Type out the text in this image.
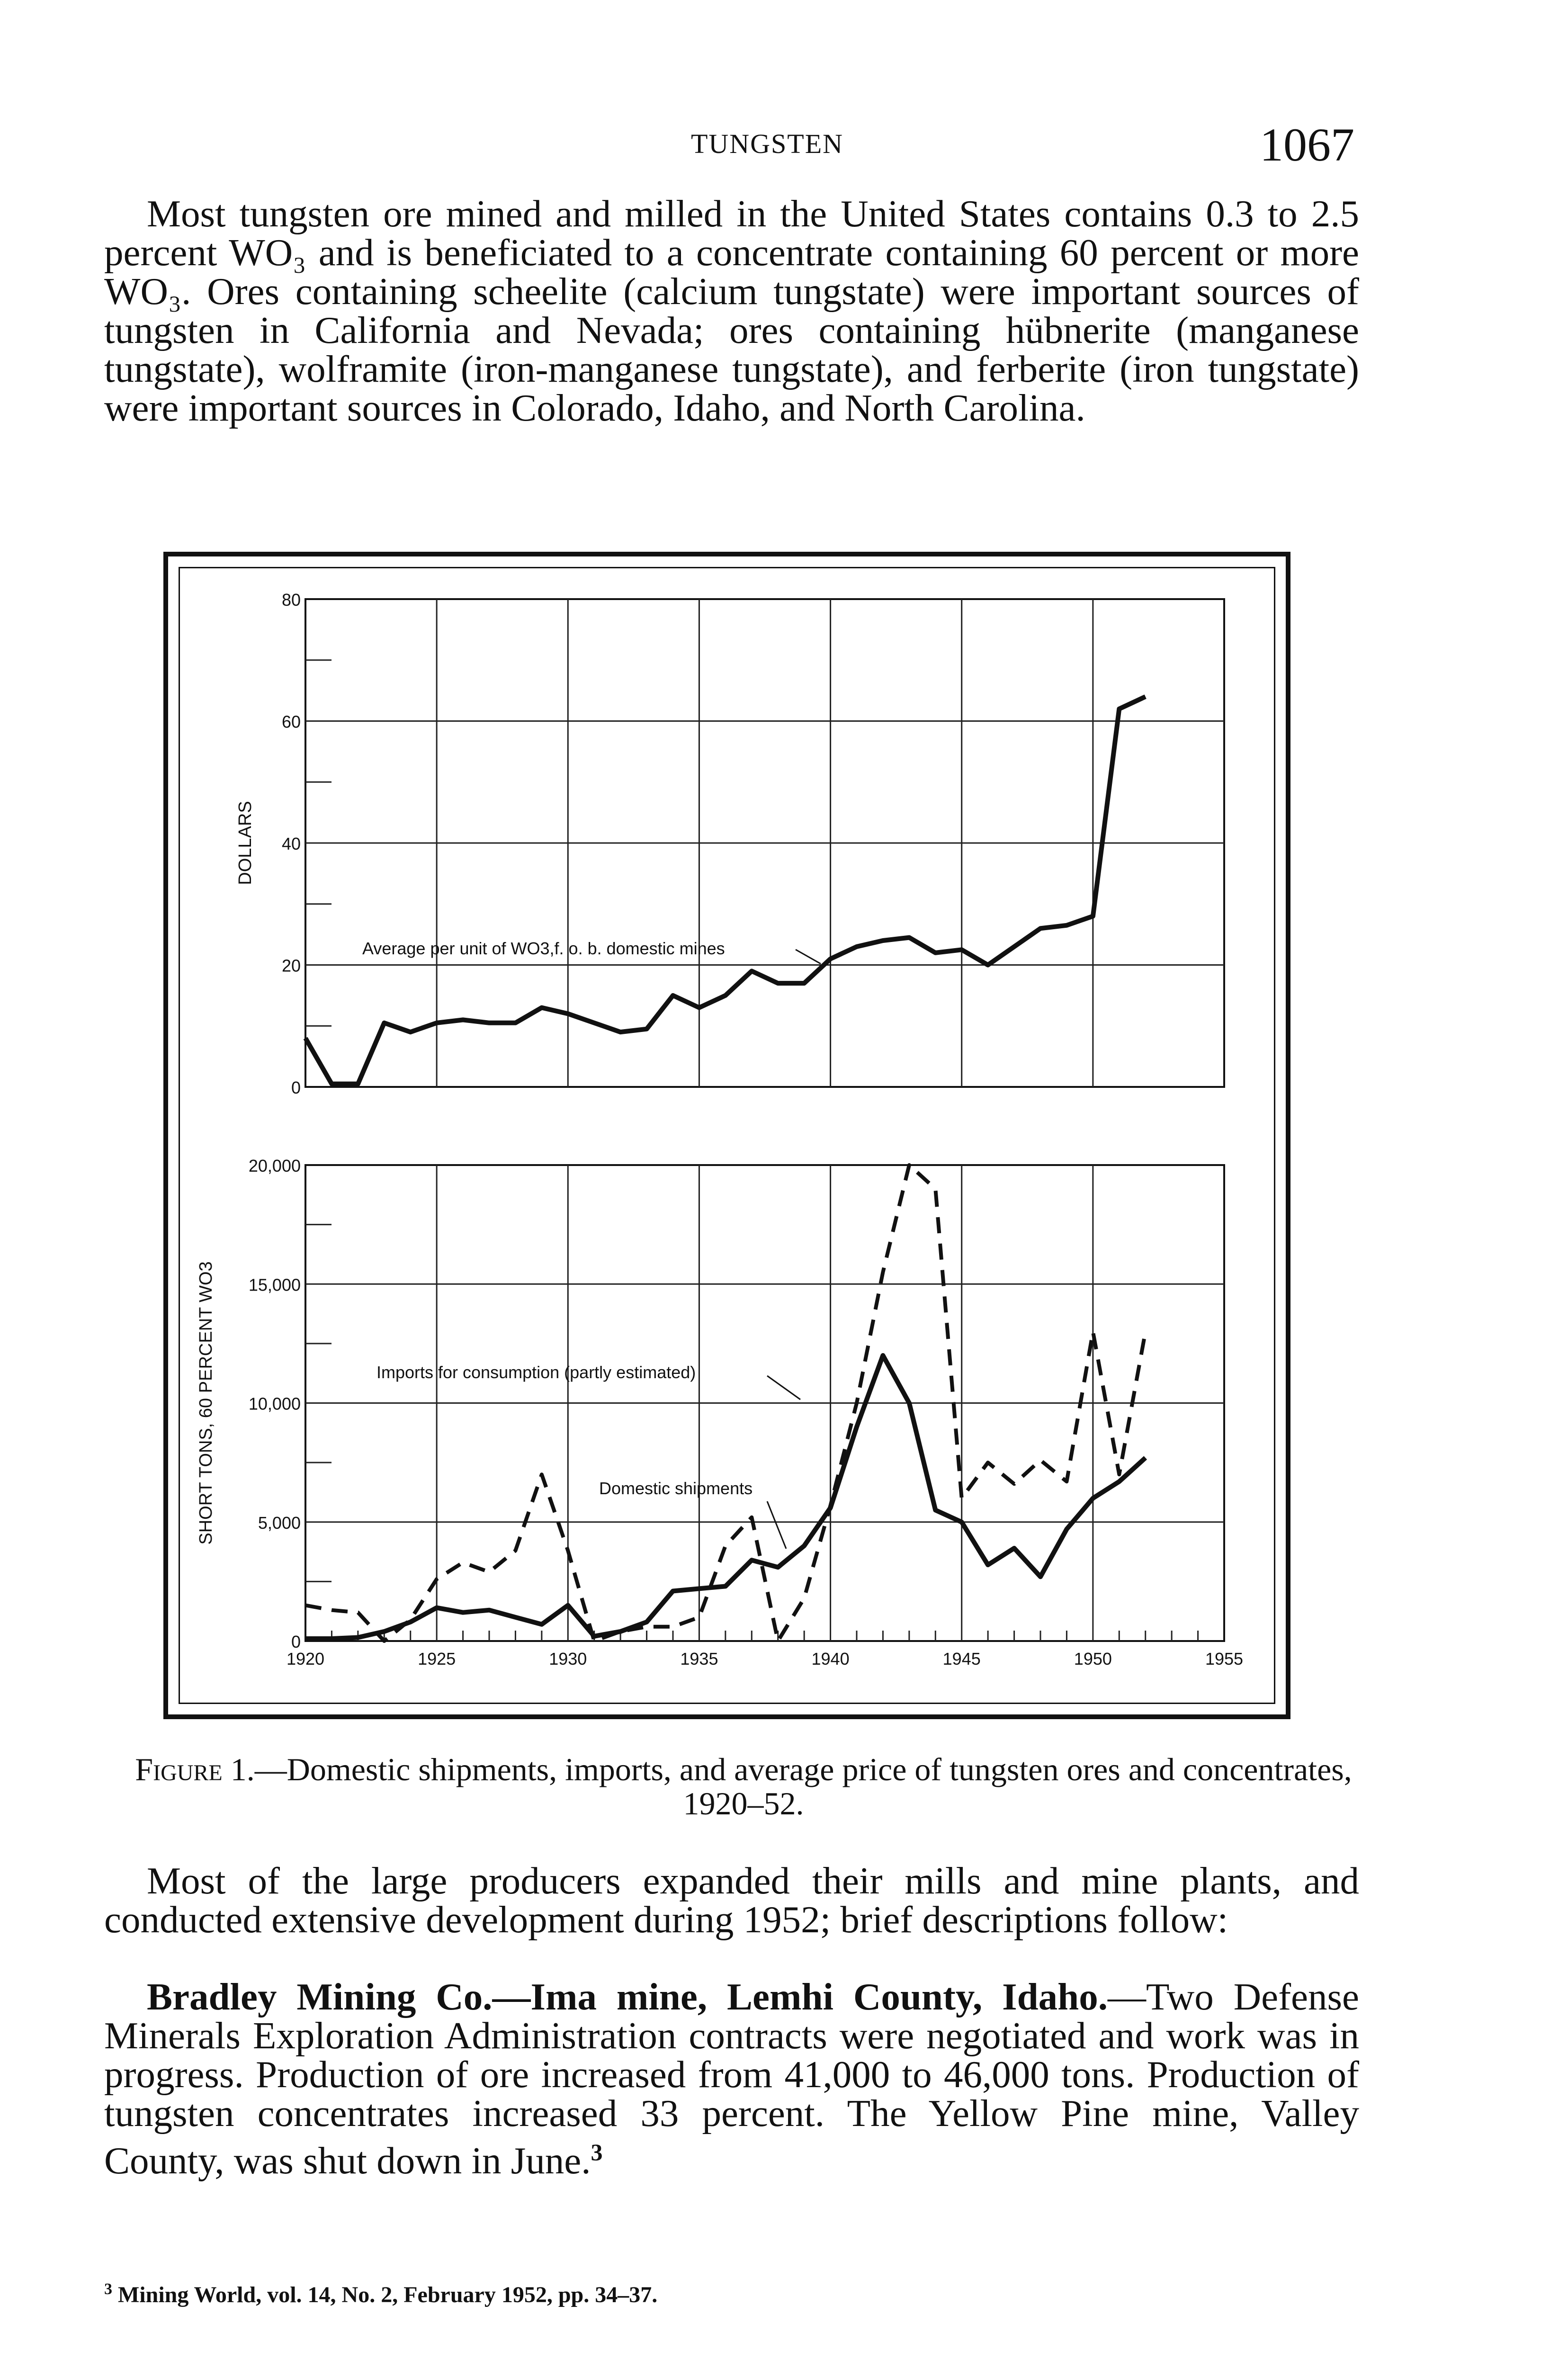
TUNGSTEN	1067

Most tungsten ore mined and milled in the United States contains 0.3 to 2.5 percent WO₃ and is beneficiated to a concentrate containing 60 percent or more WO₃. Ores containing scheelite (calcium tungstate) were important sources of tungsten in California and Nevada; ores containing hübnerite (manganese tungstate), wolframite (iron-manganese tungstate), and ferberite (iron tungstate) were important sources in Colorado, Idaho, and North Carolina.

0
20
40
60
80
DOLLARS
0
5,000
10,000
15,000
20,000
SHORT TONS, 60 PERCENT WO3
1920	1925	1930	1935	1940	1945	1950	1955
Average per unit of WO3,f. o. b. domestic mines
Imports for consumption (partly estimated)
Domestic shipments
Figure 1.—Domestic shipments, imports, and average price of tungsten ores and concentrates, 1920–52.

Most of the large producers expanded their mills and mine plants, and conducted extensive development during 1952; brief descriptions follow:

Bradley Mining Co.—Ima mine, Lemhi County, Idaho.—Two Defense Minerals Exploration Administration contracts were negotiated and work was in progress. Production of ore increased from 41,000 to 46,000 tons. Production of tungsten concentrates increased 33 percent. The Yellow Pine mine, Valley County, was shut down in June.$^3$

$^3$ Mining World, vol. 14, No. 2, February 1952, pp. 34–37.
